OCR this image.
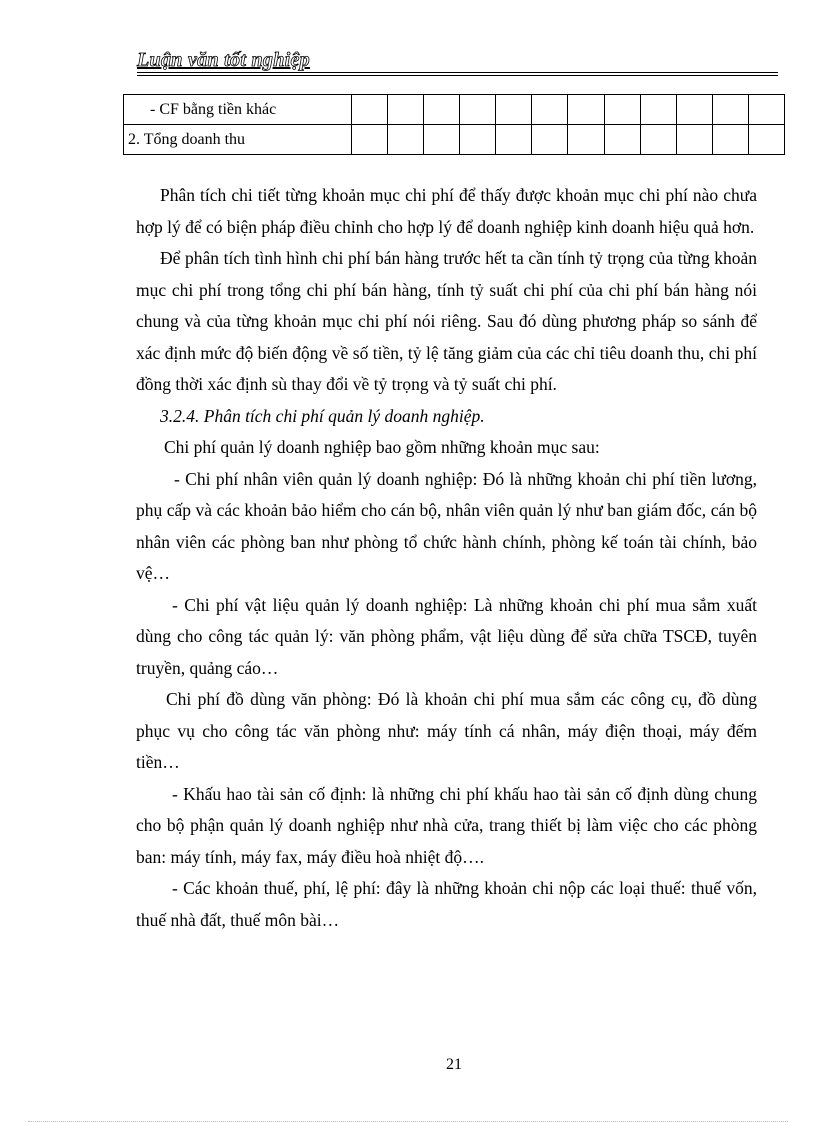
Luận văn tốt nghiệp
- CF bằng tiền khác												
2. Tổng doanh thu												

Phân tích chi tiết từng khoản mục chi phí để thấy được khoản mục chi phí nào chưa hợp lý để có biện pháp điều chỉnh cho hợp lý để doanh nghiệp kinh doanh hiệu quả hơn.

Để phân tích tình hình chi phí bán hàng trước hết ta cần tính tỷ trọng của từng khoản mục chi phí trong tổng chi phí bán hàng, tính tỷ suất chi phí của chi phí bán hàng nói chung và của từng khoản mục chi phí nói riêng. Sau đó dùng phương pháp so sánh để xác định mức độ biến động về số tiền, tỷ lệ tăng giảm của các chỉ tiêu doanh thu, chi phí đồng thời xác định sù thay đổi về tỷ trọng và tỷ suất chi phí.

3.2.4. Phân tích chi phí quản lý doanh nghiệp.

Chi phí quản lý doanh nghiệp bao gồm những khoản mục sau:

- Chi phí nhân viên quản lý doanh nghiệp: Đó là những khoản chi phí tiền lương, phụ cấp và các khoản bảo hiểm cho cán bộ, nhân viên quản lý như ban giám đốc, cán bộ nhân viên các phòng ban như phòng tổ chức hành chính, phòng kế toán tài chính, bảo vệ…

- Chi phí vật liệu quản lý doanh nghiệp: Là những khoản chi phí mua sắm xuất dùng cho công tác quản lý: văn phòng phẩm, vật liệu dùng để sửa chữa TSCĐ, tuyên truyền, quảng cáo…

Chi phí đồ dùng văn phòng: Đó là khoản chi phí mua sắm các công cụ, đồ dùng phục vụ cho công tác văn phòng như: máy tính cá nhân, máy điện thoại, máy đếm tiền…

- Khấu hao tài sản cố định: là những chi phí khấu hao tài sản cố định dùng chung cho bộ phận quản lý doanh nghiệp như nhà cửa, trang thiết bị làm việc cho các phòng ban: máy tính, máy fax, máy điều hoà nhiệt độ….

- Các khoản thuế, phí, lệ phí: đây là những khoản chi nộp các loại thuế: thuế vốn, thuế nhà đất, thuế môn bài…

21
